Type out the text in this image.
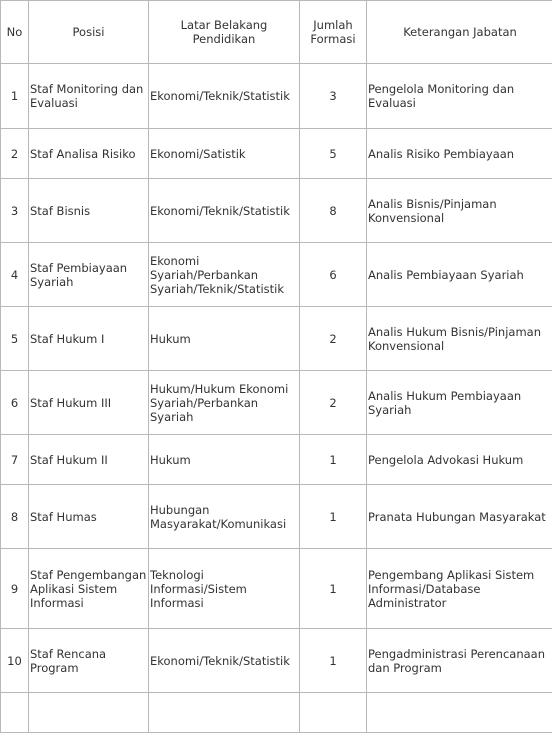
No	Posisi	Latar Belakang Pendidikan	Jumlah Formasi	Keterangan Jabatan
1	Staf Monitoring dan Evaluasi	Ekonomi/Teknik/Statistik	3	Pengelola Monitoring dan Evaluasi
2	Staf Analisa Risiko	Ekonomi/Satistik	5	Analis Risiko Pembiayaan
3	Staf Bisnis	Ekonomi/Teknik/Statistik	8	Analis Bisnis/Pinjaman Konvensional
4	Staf Pembiayaan Syariah	Ekonomi Syariah/Perbankan Syariah/Teknik/Statistik	6	Analis Pembiayaan Syariah
5	Staf Hukum I	Hukum	2	Analis Hukum Bisnis/Pinjaman Konvensional
6	Staf Hukum III	Hukum/Hukum Ekonomi Syariah/Perbankan Syariah	2	Analis Hukum Pembiayaan Syariah
7	Staf Hukum II	Hukum	1	Pengelola Advokasi Hukum
8	Staf Humas	Hubungan Masyarakat/Komunikasi	1	Pranata Hubungan Masyarakat
9	Staf Pengembangan Aplikasi Sistem Informasi	Teknologi Informasi/Sistem Informasi	1	Pengembang Aplikasi Sistem Informasi/Database Administrator
10	Staf Rencana Program	Ekonomi/Teknik/Statistik	1	Pengadministrasi Perencanaan dan Program
